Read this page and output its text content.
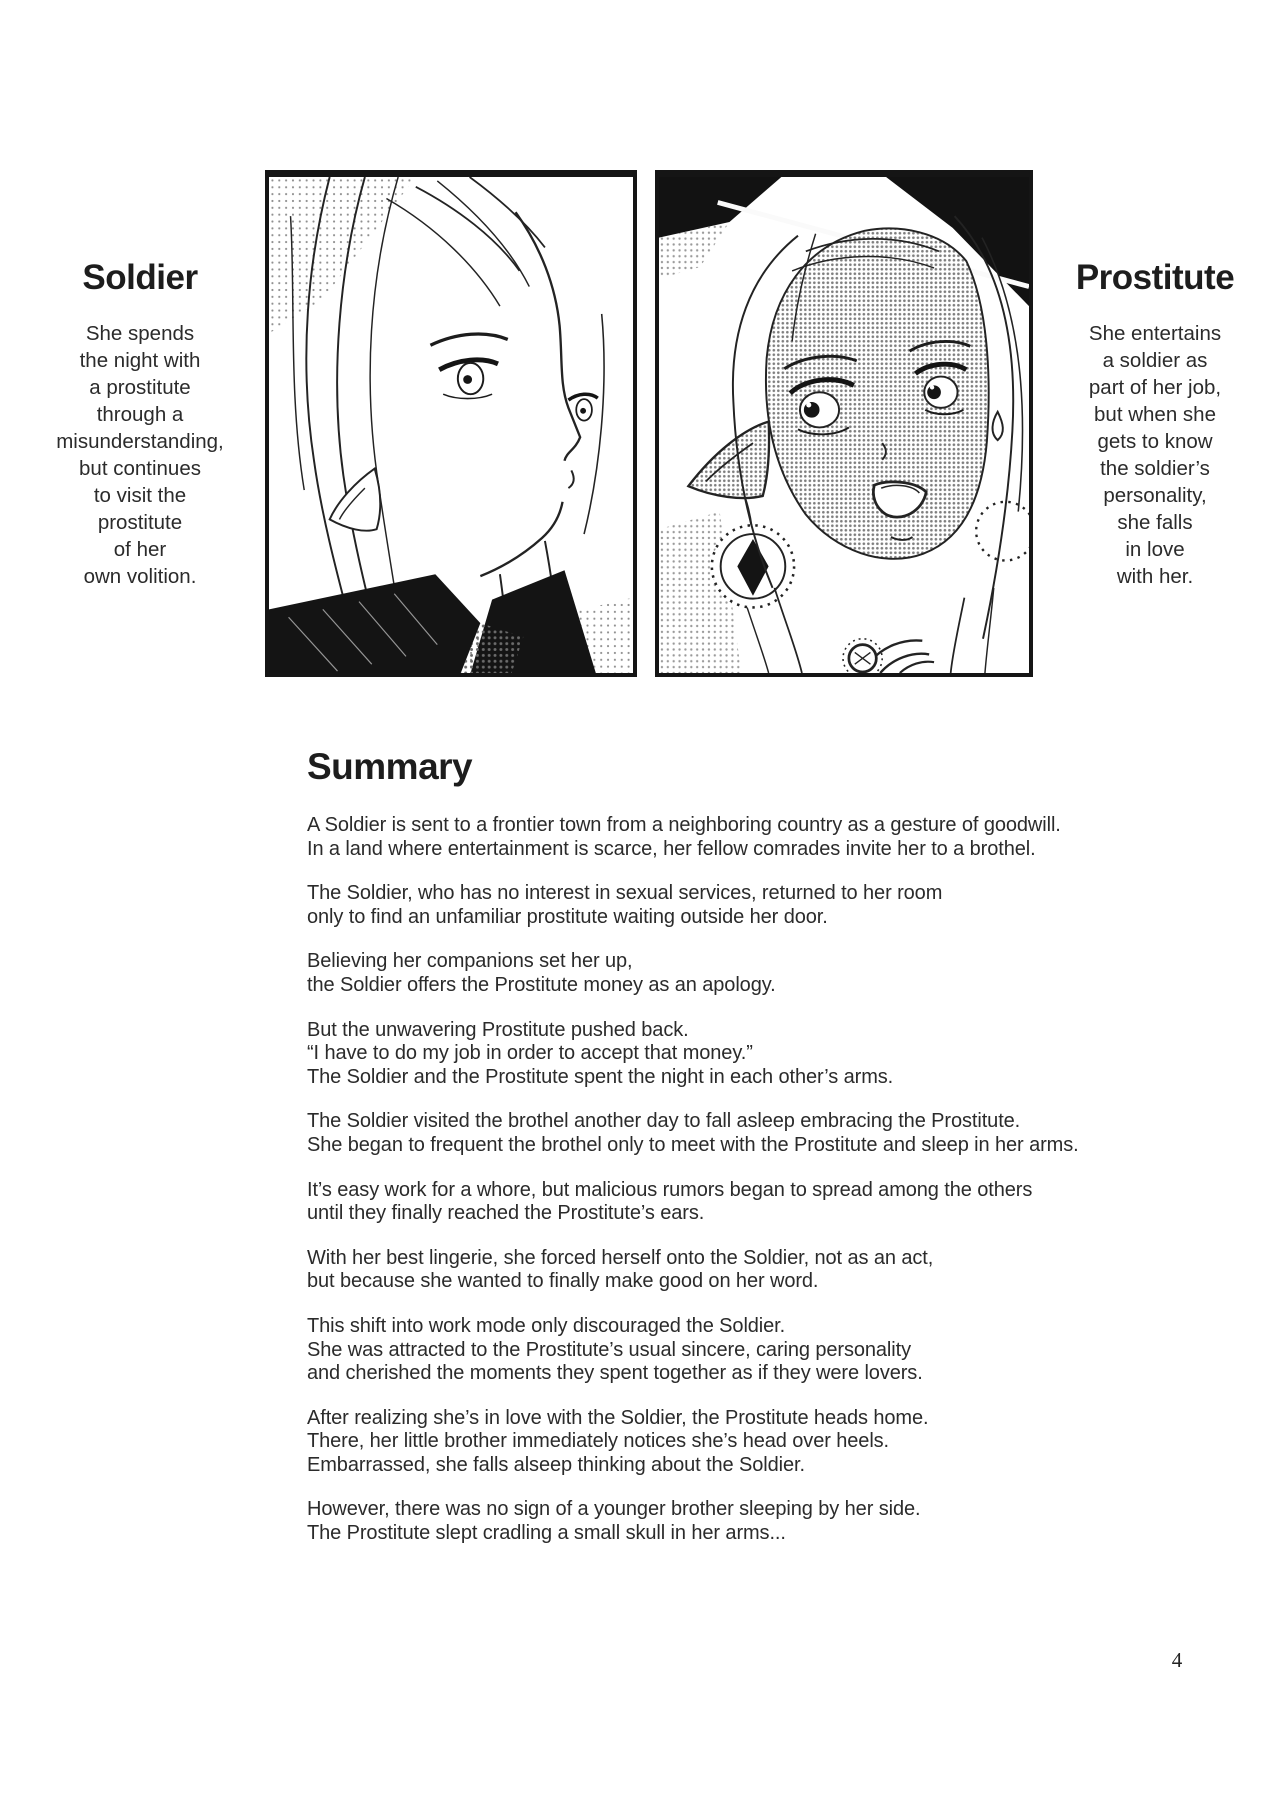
Soldier
She spends
the night with
a prostitute
through a
misunderstanding,
but continues
to visit the
prostitute
of her
own volition.
Prostitute
She entertains
a soldier as
part of her job,
but when she
gets to know
the soldier’s
personality,
she falls
in love
with her.
Summary

A Soldier is sent to a frontier town from a neighboring country as a gesture of goodwill.
In a land where entertainment is scarce, her fellow comrades invite her to a brothel.

The Soldier, who has no interest in sexual services, returned to her room
only to find an unfamiliar prostitute waiting outside her door.

Believing her companions set her up,
the Soldier offers the Prostitute money as an apology.

But the unwavering Prostitute pushed back.
“I have to do my job in order to accept that money.”
The Soldier and the Prostitute spent the night in each other’s arms.

The Soldier visited the brothel another day to fall asleep embracing the Prostitute.
She began to frequent the brothel only to meet with the Prostitute and sleep in her arms.

It’s easy work for a whore, but malicious rumors began to spread among the others
until they finally reached the Prostitute’s ears.

With her best lingerie, she forced herself onto the Soldier, not as an act,
but because she wanted to finally make good on her word.

This shift into work mode only discouraged the Soldier.
She was attracted to the Prostitute’s usual sincere, caring personality
and cherished the moments they spent together as if they were lovers.

After realizing she’s in love with the Soldier, the Prostitute heads home.
There, her little brother immediately notices she’s head over heels.
Embarrassed, she falls alseep thinking about the Soldier.

However, there was no sign of a younger brother sleeping by her side.
The Prostitute slept cradling a small skull in her arms...

4
